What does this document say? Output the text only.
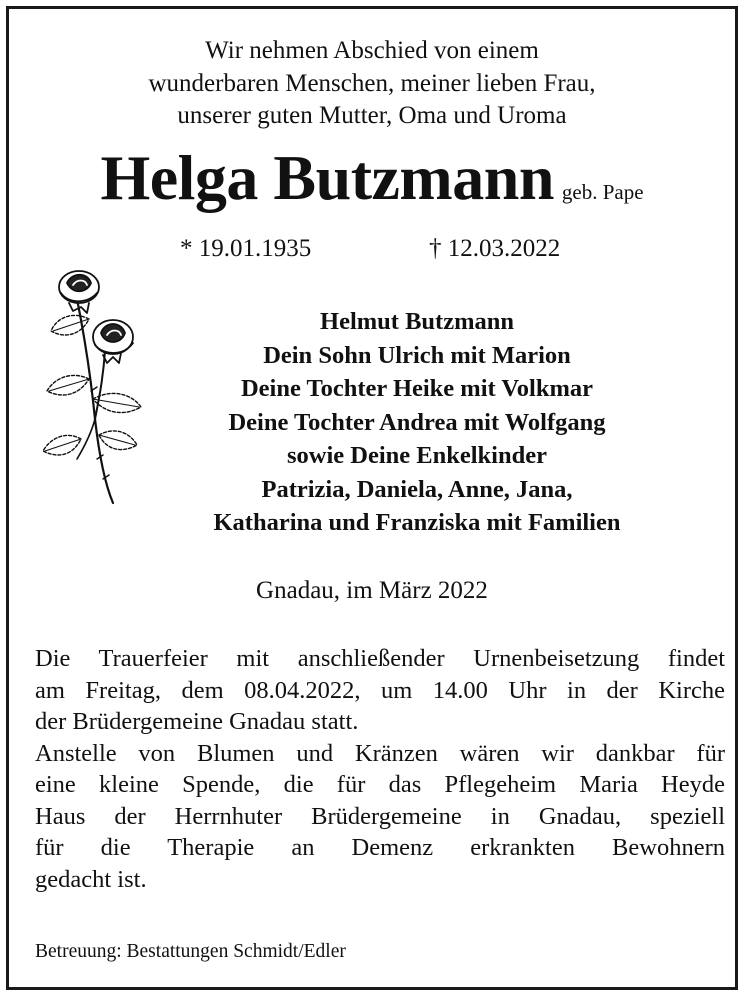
Wir nehmen Abschied von einem
wunderbaren Menschen, meiner lieben Frau,
unserer guten Mutter, Oma und Uroma
Helga Butzmann geb. Pape
* 19.01.1935	† 12.03.2022
Helmut Butzmann
Dein Sohn Ulrich mit Marion
Deine Tochter Heike mit Volkmar
Deine Tochter Andrea mit Wolfgang
sowie Deine Enkelkinder
Patrizia, Daniela, Anne, Jana,
Katharina und Franziska mit Familien
Gnadau, im März 2022
Die Trauerfeier mit anschließender Urnenbeisetzung findet
am Freitag, dem 08.04.2022, um 14.00 Uhr in der Kirche
der Brüdergemeine Gnadau statt.
Anstelle von Blumen und Kränzen wären wir dankbar für
eine kleine Spende, die für das Pflegeheim Maria Heyde
Haus der Herrnhuter Brüdergemeine in Gnadau, speziell
für die Therapie an Demenz erkrankten Bewohnern
gedacht ist.
Betreuung: Bestattungen Schmidt/Edler
